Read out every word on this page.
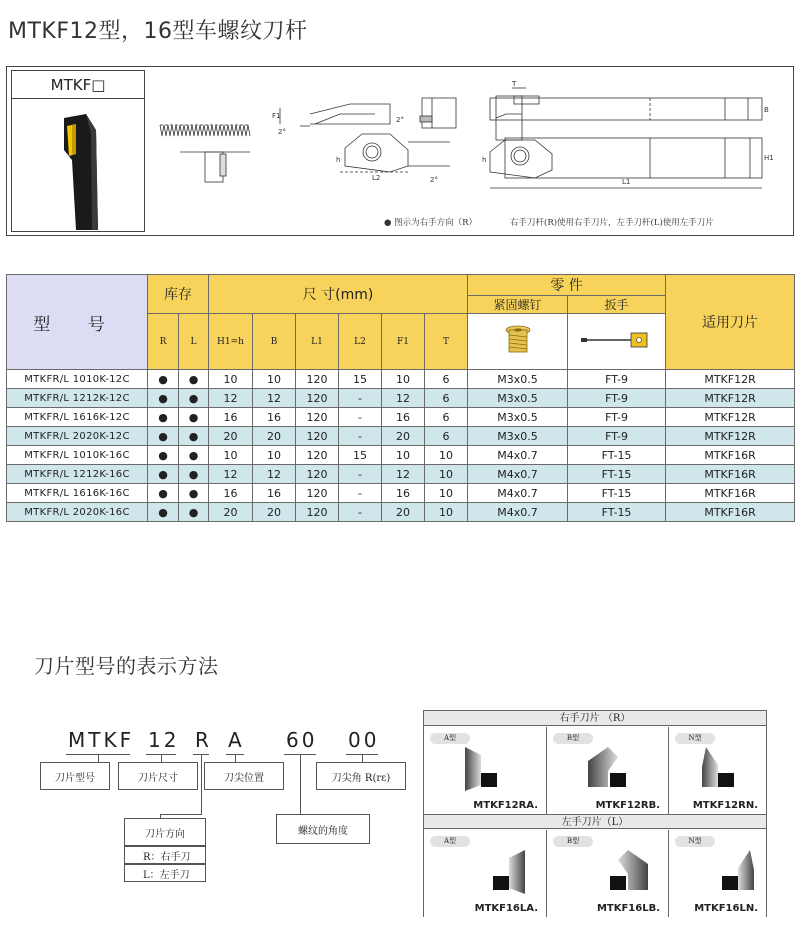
MTKF12型，16型车螺纹刀杆
MTKF□
F1
2°
T
2°
B
L2
h
2°	L1
h	H1
● 图示为右手方向（R）	右手刀杆(R)使用右手刀片，左手刀杆(L)使用左手刀片
型 号	库存		尺 寸(mm)						零 件		适用刀片
									紧固螺钉	扳手	
	R	L	H1=h	B	L1	L2	F1	T		
MTKFR/L 1010K-12C	●	●	10	10	120	15	10	6	M3x0.5	FT-9	MTKF12R
MTKFR/L 1212K-12C	●	●	12	12	120	-	12	6	M3x0.5	FT-9	MTKF12R
MTKFR/L 1616K-12C	●	●	16	16	120	-	16	6	M3x0.5	FT-9	MTKF12R
MTKFR/L 2020K-12C	●	●	20	20	120	-	20	6	M3x0.5	FT-9	MTKF12R
MTKFR/L 1010K-16C	●	●	10	10	120	15	10	10	M4x0.7	FT-15	MTKF16R
MTKFR/L 1212K-16C	●	●	12	12	120	-	12	10	M4x0.7	FT-15	MTKF16R
MTKFR/L 1616K-16C	●	●	16	16	120	-	16	10	M4x0.7	FT-15	MTKF16R
MTKFR/L 2020K-16C	●	●	20	20	120	-	20	10	M4x0.7	FT-15	MTKF16R
刀片型号的表示方法
MTKF 12 R A 60 00
刀片型号	刀片尺寸	刀尖位置	刀尖角 R(rε)
刀片方向
R：右手刀
L：左手刀
螺纹的角度
右手刀片 （R）
左手刀片（L）
A型
MTKF12RA.
B型
MTKF12RB.
N型
MTKF12RN.
A型
MTKF16LA.
B型
MTKF16LB.
N型
MTKF16LN.
